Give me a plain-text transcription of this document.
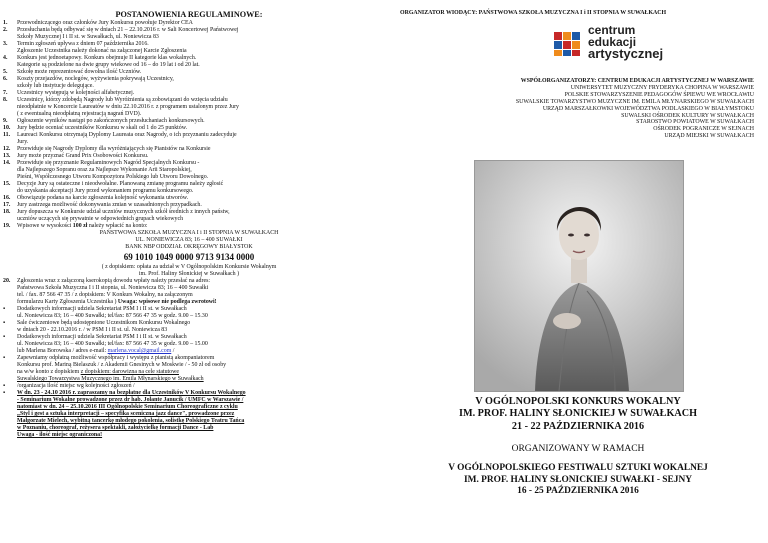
POSTANOWIENIA REGULAMINOWE:
1.	Przewodniczącego oraz członków Jury Konkursu powołuje Dyrektor CEA
2.	Przesłuchania będą odbywać się w dniach 21 – 22.10.2016 r. w Sali Koncertowej Państwowej
Szkoły Muzycznej I i II st. w Suwałkach, ul. Noniewicza 83
3.	Termin zgłoszeń upływa z dniem 07 października 2016.
Zgłoszenie Uczestnika należy dokonać na załączonej Karcie Zgłoszenia
4.	Konkurs jest jednoetapowy. Konkurs obejmuje II kategorie klas wokalnych.
Kategorie są podzielone na dwie grupy wiekowe od 16 – do 19 lat i od 20 lat.
5.	Szkołę może reprezentować dowolna ilość Uczniów.
6.	Koszty przejazdów, noclegów, wyżywienia pokrywają Uczestnicy,
szkoły lub instytucje delegujące.
7.	Uczestnicy występują w kolejności alfabetycznej.
8.	Uczestnicy, którzy zdobędą Nagrody lub Wyróżnienia są zobowiązani do wzięcia udziału
nieodpłatnie w Koncercie Laureatów w dniu 22.10.2016 r. z programem ustalonym przez Jury
( z ewentualną nieodpłatną rejestracją nagrań DVD).
9.	Ogłoszenie wyników nastąpi po zakończonych przesłuchaniach konkursowych.
10.	Jury będzie oceniać uczestników Konkursu w skali od 1 do 25 punktów.
11.	Laureaci Konkursu otrzymają Dyplomy Laureata oraz Nagrody, o ich przyznaniu zadecyduje
Jury.
12.	Przewiduje się Nagrody Dyplomy dla wyróżniających się Pianistów na Konkursie
13.	Jury może przyznać Grand Prix Osobowości Konkursu.
14.	Przewiduje się przyznanie Regulaminowych Nagród Specjalnych Konkursu -
dla Najlepszego Sopranu oraz za Najlepsze Wykonanie Arii Staropolskiej,
Pieśni, Współczesnego Utworu Kompozytora Polskiego lub Utworu Dowolnego.
15.	Decyzje Jury są ostateczne i nieodwołalne. Planowaną zmianę programu należy zgłosić
do uzyskania akceptacji Jury przed wykonaniem programu konkursowego.
16.	Obowiązuje podana na karcie zgłoszenia kolejność wykonania utworów.
17.	Jury zastrzega możliwość dokonywania zmian w uzasadnionych przypadkach.
18.	Jury dopuszcza w Konkursie udział uczniów muzycznych szkół średnich z innych państw,
uczniów uczących się prywatnie w odpowiednich grupach wiekowych
19.	Wpisowe w wysokości 100 zł należy wpłacić na konto:
PAŃSTWOWA SZKOŁA MUZYCZNA I i II STOPNIA W SUWAŁKACH
UL. NONIEWICZA 83; 16 – 400 SUWAŁKI
BANK NBP ODDZIAŁ OKRĘGOWY BIAŁYSTOK
69 1010 1049 0000 9713 9134 0000
( z dopiskiem: opłata za udział w V Ogólnopolskim Konkursie Wokalnym
im. Prof. Haliny Słonickiej w Suwałkach )
20.	Zgłoszenia wraz z załączoną kserokopią dowodu wpłaty należy przesłać na adres:
Państwowa Szkoła Muzyczna I i II stopnia, ul. Noniewicza 83; 16 – 400 Suwałki
tel. / fax. 87 566 47 35 / z dopiskiem: V Konkurs Wokalny, na załączonym
formularzu Karty Zgłoszenia Uczestnika ) Uwaga: wpisowe nie podlega zwrotowi!
▪	Dodatkowych informacji udziela Sekretariat PSM I i II st. w Suwałkach
ul. Noniewicza 83; 16 – 400 Suwałki; tel/fax: 87 566 47 35 w godz. 9.00 – 15.30
▪	Sale ćwiczeniowe będą udostępnione Uczestnikom Konkursu Wokalnego
w dniach 20 - 22.10.2016 r. / w PSM I i II st. ul. Noniewicza 83
▪	Dodatkowych informacji udziela Sekretariat PSM I i II st. w Suwałkach
ul. Noniewicza 83; 16 – 400 Suwałki; tel/fax: 87 566 47 35 w godz. 9.00 – 15.00
lub Marlena Borowska / adres e-mail: marlena.vocal@gmail.com /
▪	Zapewniamy odpłatną możliwość współpracy i występu z pianistą akompaniatorem
Konkursu prof. Mariną Bielaszuk / z Akademii Gnesinych w Moskwie / - 50 zł od osoby
na w/w konto z dopiskiem z dopiskiem: darowizna na cele statutowe
Suwalskiego Towarzystwa Muzycznego im. Emila Młynarskiego w Suwałkach
▪	/organizacja ilość miejsc wg kolejności zgłoszeń /
▪	W dn. 23 - 24.10 2016 r. zapraszamy na bezpłatne dla Uczestników V Konkursu Wokalnego
- Seminarium Wokalne prowadzone przez dr hab. Jolante Janucik / UMFC w Warszawie /
natomiast w dn. 24 – 25.10.2016 III Ogólnopolskie Seminarium Choreograficzne z cyklu
„Styl i gest a sztuka interpretacji – specyfika sceniczna jazz dance", prowadzone przez
Małgorzate Mielech, wybitną tancerkę młodego pokolenia, solistkę Polskiego Teatru Tańca
w Poznaniu, choreograf, reżysera spektakli, założycielkę formacji Dance - Lab
Uwaga - ilość miejsc ograniczona!
ORGANIZATOR WIODĄCY: PAŃSTWOWA SZKOŁA MUZYCZNA I i II STOPNIA W SUWAŁKACH
centrum
edukacji
artystycznej
WSPÓŁORGANIZATORZY: CENTRUM EDUKACJI ARTYSTYCZNEJ W WARSZAWIE
UNIWERSYTET MUZYCZNY FRYDERYKA CHOPINA W WARSZAWIE
POLSKIE STOWARZYSZENIE PEDAGOGÓW ŚPIEWU WE WROCŁAWIU
SUWALSKIE TOWARZYSTWO MUZYCZNE IM. EMILA MŁYNARSKIEGO W SUWAŁKACH
URZĄD MARSZAŁKOWKI WOJEWÓDZTWA PODLASKIEGO W BIAŁYMSTOKU
SUWALSKI OŚRODEK KULTURY W SUWAŁKACH
STAROSTWO POWIATOWE W SUWAŁKACH
OŚRODEK POGRANICZE W SEJNACH
URZĄD MIEJSKI W SUWAŁKACH
V OGÓLNOPOLSKI KONKURS WOKALNY
IM. PROF. HALINY SŁONICKIEJ W SUWAŁKACH
21 - 22 PAŹDZIERNIKA 2016
ORGANIZOWANY W RAMACH
V OGÓLNOPOLSKIEGO FESTIWALU SZTUKI WOKALNEJ
IM. PROF. HALINY SŁONICKIEJ SUWAŁKI - SEJNY
16 - 25 PAŹDZIERNIKA 2016
